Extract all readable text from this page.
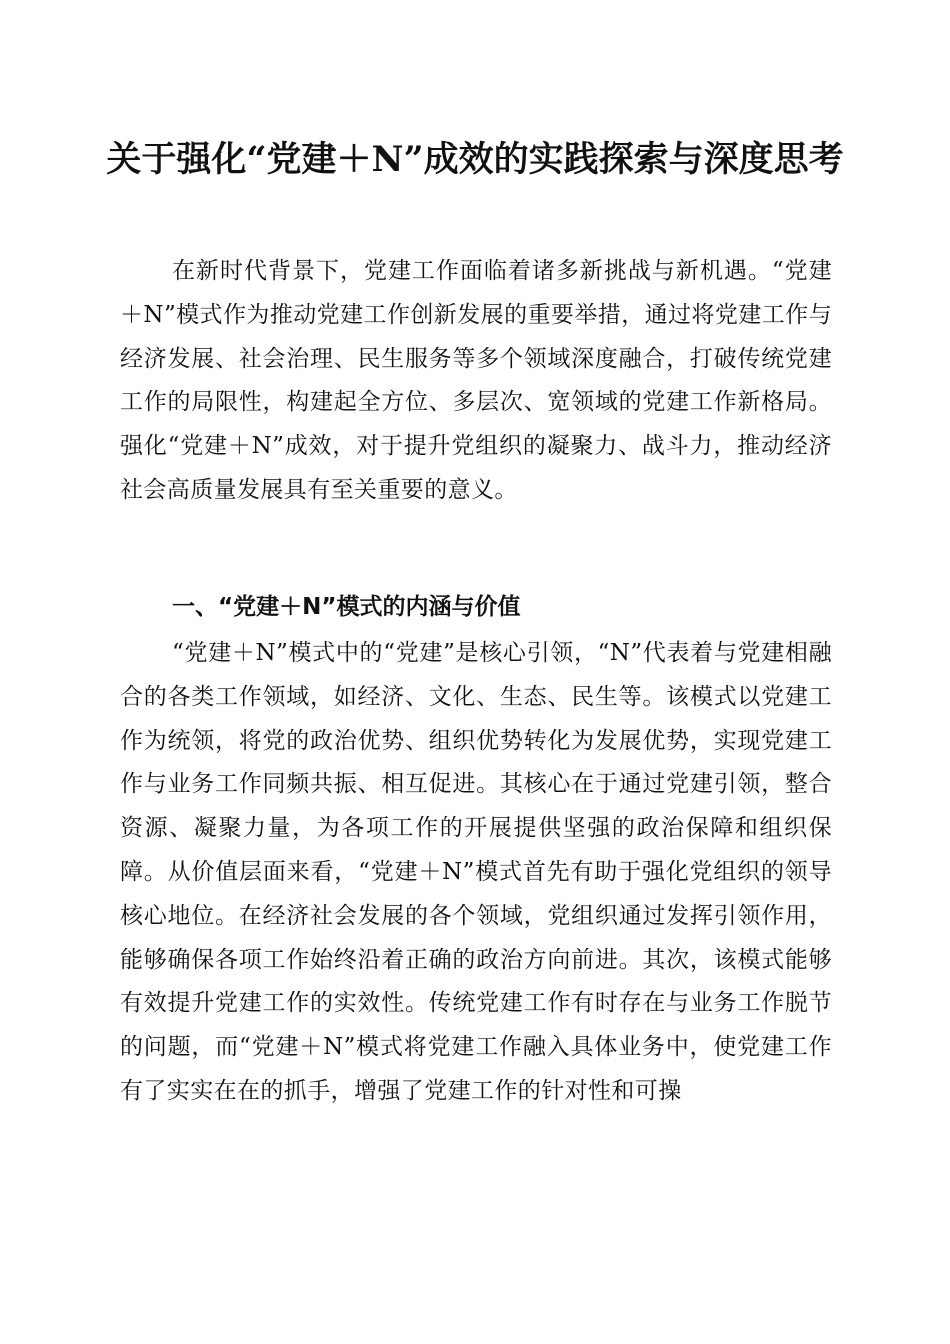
关于强化“党建＋N”成效的实践探索与深度思考

在新时代背景下，党建工作面临着诸多新挑战与新机遇。“党建＋N”模式作为推动党建工作创新发展的重要举措，通过将党建工作与经济发展、社会治理、民生服务等多个领域深度融合，打破传统党建工作的局限性，构建起全方位、多层次、宽领域的党建工作新格局。强化“党建＋N”成效，对于提升党组织的凝聚力、战斗力，推动经济社会高质量发展具有至关重要的意义。

一、“党建＋N”模式的内涵与价值

“党建＋N”模式中的“党建”是核心引领，“N”代表着与党建相融合的各类工作领域，如经济、文化、生态、民生等。该模式以党建工作为统领，将党的政治优势、组织优势转化为发展优势，实现党建工作与业务工作同频共振、相互促进。其核心在于通过党建引领，整合资源、凝聚力量，为各项工作的开展提供坚强的政治保障和组织保障。从价值层面来看，“党建＋N”模式首先有助于强化党组织的领导核心地位。在经济社会发展的各个领域，党组织通过发挥引领作用，能够确保各项工作始终沿着正确的政治方向前进。其次，该模式能够有效提升党建工作的实效性。传统党建工作有时存在与业务工作脱节的问题，而“党建＋N”模式将党建工作融入具体业务中，使党建工作有了实实在在的抓手，增强了党建工作的针对性和可操
